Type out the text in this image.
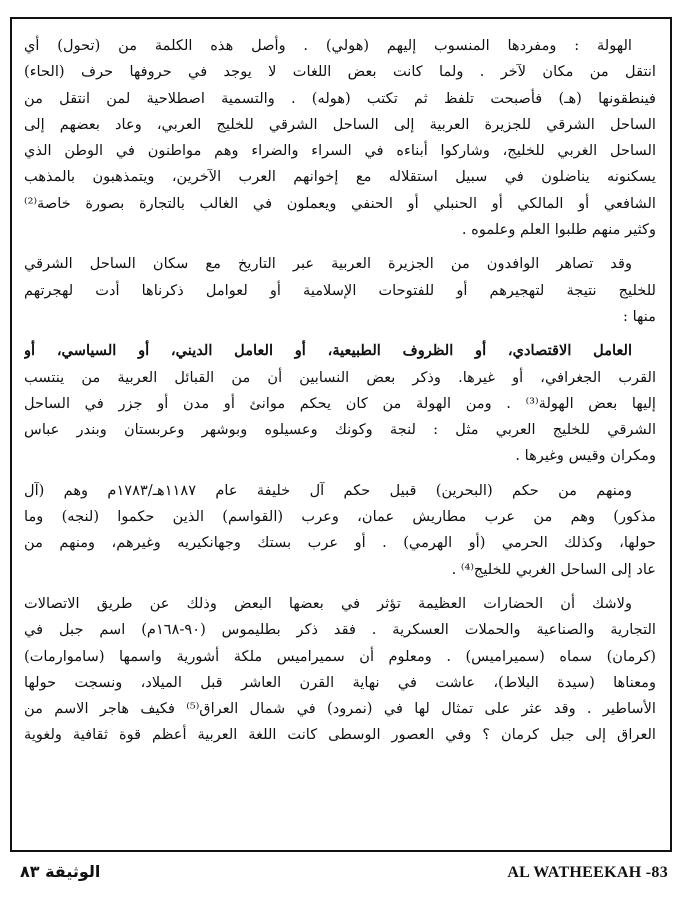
الهولة : ومفردها المنسوب إليهم (هولي) . وأصل هذه الكلمة من (تحول) أي
انتقل من مكان لآخر . ولما كانت بعض اللغات لا يوجد في حروفها حرف (الحاء)
فينطقونها (هـ) فأصبحت تلفظ ثم تكتب (هوله) . والتسمية اصطلاحية لمن انتقل من
الساحل الشرقي للجزيرة العربية إلى الساحل الشرقي للخليج العربي، وعاد بعضهم إلى
الساحل الغربي للخليج، وشاركوا أبناءه في السراء والضراء وهم مواطنون في الوطن الذي
يسكنونه يناضلون في سبيل استقلاله مع إخوانهم العرب الآخرين، ويتمذهبون بالمذهب
الشافعي أو المالكي أو الحنبلي أو الحنفي ويعملون في الغالب بالتجارة بصورة خاصة⁽²⁾
وكثير منهم طلبوا العلم وعلموه .
وقد تصاهر الوافدون من الجزيرة العربية عبر التاريخ مع سكان الساحل الشرقي
للخليج نتيجة لتهجيرهم أو للفتوحات الإسلامية أو لعوامل ذكرناها أدت لهجرتهم
منها :
العامل الاقتصادي، أو الظروف الطبيعية، أو العامل الديني، أو السياسي، أو
القرب الجغرافي، أو غيرها. وذكر بعض النسابين أن من القبائل العربية من ينتسب
إليها بعض الهولة⁽³⁾ . ومن الهولة من كان يحكم موانئ أو مدن أو جزر في الساحل
الشرقي للخليج العربي مثل : لنجة وكونك وعسيلوه وبوشهر وعربستان وبندر عباس
ومكران وقيس وغيرها .
ومنهم من حكم (البحرين) قبيل حكم آل خليفة عام ١١٨٧هـ/١٧٨٣م وهم (آل
مذكور) وهم من عرب مطاريش عمان، وعرب (القواسم) الذين حكموا (لنجه) وما
حولها، وكذلك الحرمي (أو الهرمي) . أو عرب بستك وجهانكيريه وغيرهم، ومنهم من
عاد إلى الساحل الغربي للخليج⁽⁴⁾ .
ولاشك أن الحضارات العظيمة تؤثر في بعضها البعض وذلك عن طريق الاتصالات
التجارية والصناعية والحملات العسكرية . فقد ذكر بطليموس (٩٠-١٦٨م) اسم جبل في
(كرمان) سماه (سميراميس) . ومعلوم أن سميراميس ملكة أشورية واسمها (ساموارمات)
ومعناها (سيدة البلاط)، عاشت في نهاية القرن العاشر قبل الميلاد، ونسجت حولها
الأساطير . وقد عثر على تمثال لها في (نمرود) في شمال العراق⁽⁵⁾ فكيف هاجر الاسم من
العراق إلى جبل كرمان ؟ وفي العصور الوسطى كانت اللغة العربية أعظم قوة ثقافية ولغوية
الوثيقة ٨٣	AL WATHEEKAH -83
